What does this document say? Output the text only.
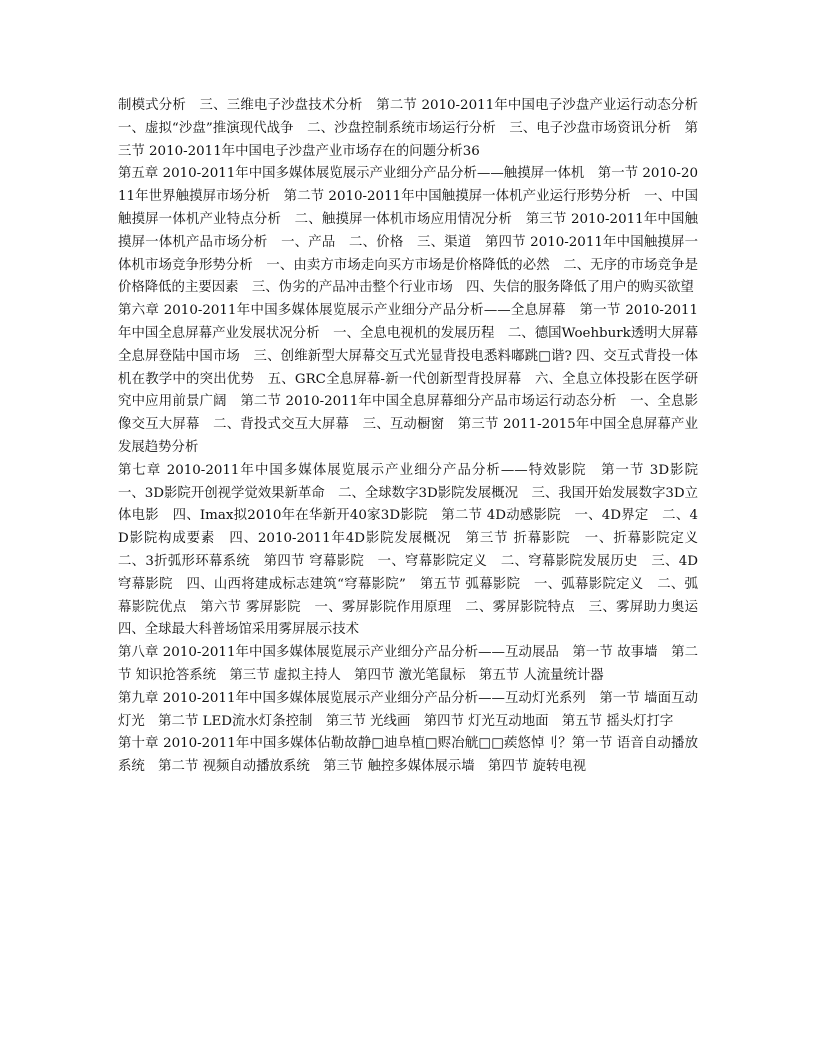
制模式分析　三、三维电子沙盘技术分析　第二节 2010-2011年中国电子沙盘产业运行动态分析　一、虚拟“沙盘”推演现代战争　二、沙盘控制系统市场运行分析　三、电子沙盘市场资讯分析　第三节 2010-2011年中国电子沙盘产业市场存在的问题分析36

第五章 2010-2011年中国多媒体展览展示产业细分产品分析——触摸屏一体机　第一节 2010-2011年世界触摸屏市场分析　第二节 2010-2011年中国触摸屏一体机产业运行形势分析　一、中国触摸屏一体机产业特点分析　二、触摸屏一体机市场应用情况分析　第三节 2010-2011年中国触摸屏一体机产品市场分析　一、产品　二、价格　三、渠道　第四节 2010-2011年中国触摸屏一体机市场竞争形势分析　一、由卖方市场走向买方市场是价格降低的必然　二、无序的市场竞争是价格降低的主要因素　三、伪劣的产品冲击整个行业市场　四、失信的服务降低了用户的购买欲望

第六章 2010-2011年中国多媒体展览展示产业细分产品分析——全息屏幕　第一节 2010-2011年中国全息屏幕产业发展状况分析　一、全息电视机的发展历程　二、德国Woehburk透明大屏幕全息屏登陆中国市场　三、创维新型大屏幕交互式光显背投电悉料嘟跳□谐? 四、交互式背投一体机在教学中的突出优势　五、GRC全息屏幕-新一代创新型背投屏幕　六、全息立体投影在医学研究中应用前景广阔　第二节 2010-2011年中国全息屏幕细分产品市场运行动态分析　一、全息影像交互大屏幕　二、背投式交互大屏幕　三、互动橱窗　第三节 2011-2015年中国全息屏幕产业发展趋势分析

第七章 2010-2011年中国多媒体展览展示产业细分产品分析——特效影院　第一节 3D影院　一、3D影院开创视学觉效果新革命　二、全球数字3D影院发展概况　三、我国开始发展数字3D立体电影　四、Imax拟2010年在华新开40家3D影院　第二节 4D动感影院　一、4D界定　二、4D影院构成要素　四、2010-2011年4D影院发展概况　第三节 折幕影院　一、折幕影院定义　二、3折弧形环幕系统　第四节 穹幕影院　一、穹幕影院定义　二、穹幕影院发展历史　三、4D穹幕影院　四、山西将建成标志建筑“穹幕影院”　第五节 弧幕影院　一、弧幕影院定义　二、弧幕影院优点　第六节 雾屏影院　一、雾屏影院作用原理　二、雾屏影院特点　三、雾屏助力奥运　四、全球最大科普场馆采用雾屏展示技术

第八章 2010-2011年中国多媒体展览展示产业细分产品分析——互动展品　第一节 故事墙　第二节 知识抢答系统　第三节 虚拟主持人　第四节 激光笔鼠标　第五节 人流量统计器

第九章 2010-2011年中国多媒体展览展示产业细分产品分析——互动灯光系列　第一节 墙面互动灯光　第二节 LED流水灯条控制　第三节 光线画　第四节 灯光互动地面　第五节 摇头灯打字

第十章 2010-2011年中国多媒体佔勒故静□迪阜植□赆冶觥□□蒺悠悼刂？第一节 语音自动播放系统　第二节 视频自动播放系统　第三节 触控多媒体展示墙　第四节 旋转电视
